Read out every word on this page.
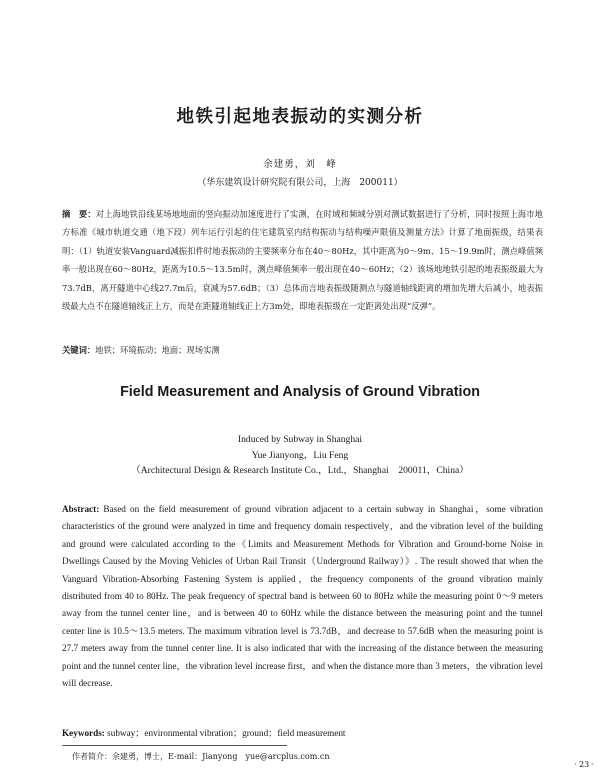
地铁引起地表振动的实测分析
余建勇，刘　峰
（华东建筑设计研究院有限公司，上海　200011）

摘　要：对上海地铁沿线某场地地面的竖向振动加速度进行了实测，在时域和频域分别对测试数据进行了分析，同时按照上海市地方标准《城市轨道交通（地下段）列车运行引起的住宅建筑室内结构振动与结构噪声限值及测量方法》计算了地面振级，结果表明：（1）轨道安装Vanguard减振扣件时地表振动的主要频率分布在40～80Hz，其中距离为0～9m、15～19.9m时，测点峰值频率一般出现在60～80Hz，距离为10.5～13.5m时，测点峰值频率一般出现在40～60Hz；（2）该场地地铁引起的地表振级最大为73.7dB，离开隧道中心线27.7m后，衰减为57.6dB；（3）总体而言地表振级随测点与隧道轴线距离的增加先增大后减小，地表振级最大点不在隧道轴线正上方，而是在距隧道轴线正上方3m处，即地表振级在一定距离处出现“反弹”。

关键词：地铁；环境振动；地面；现场实测
Field Measurement and Analysis of Ground Vibration
Induced by Subway in Shanghai
Yue Jianyong，Liu Feng
（Architectural Design & Research Institute Co.，Ltd.，Shanghai　200011，China）

Abstract: Based on the field measurement of ground vibration adjacent to a certain subway in Shanghai，some vibration characteristics of the ground were analyzed in time and frequency domain respectively，and the vibration level of the building and ground were calculated according to the《Limits and Measurement Methods for Vibration and Ground-borne Noise in Dwellings Caused by the Moving Vehicles of Urban Rail Transit（Underground Railway）》. The result showed that when the Vanguard Vibration-Absorbing Fastening System is applied，the frequency components of the ground vibration mainly distributed from 40 to 80Hz. The peak frequency of spectral band is between 60 to 80Hz while the measuring point 0～9 meters away from the tunnel center line，and is between 40 to 60Hz while the distance between the measuring point and the tunnel center line is 10.5～13.5 meters. The maximum vibration level is 73.7dB，and decrease to 57.6dB when the measuring point is 27.7 meters away from the tunnel center line. It is also indicated that with the increasing of the distance between the measuring point and the tunnel center line，the vibration level increase first，and when the distance more than 3 meters，the vibration level will decrease.

Keywords: subway；environmental vibration；ground；field measurement
作者简介：余建勇，博士，E-mail：Jianyong　yue@arcplus.com.cn
· 23 ·
